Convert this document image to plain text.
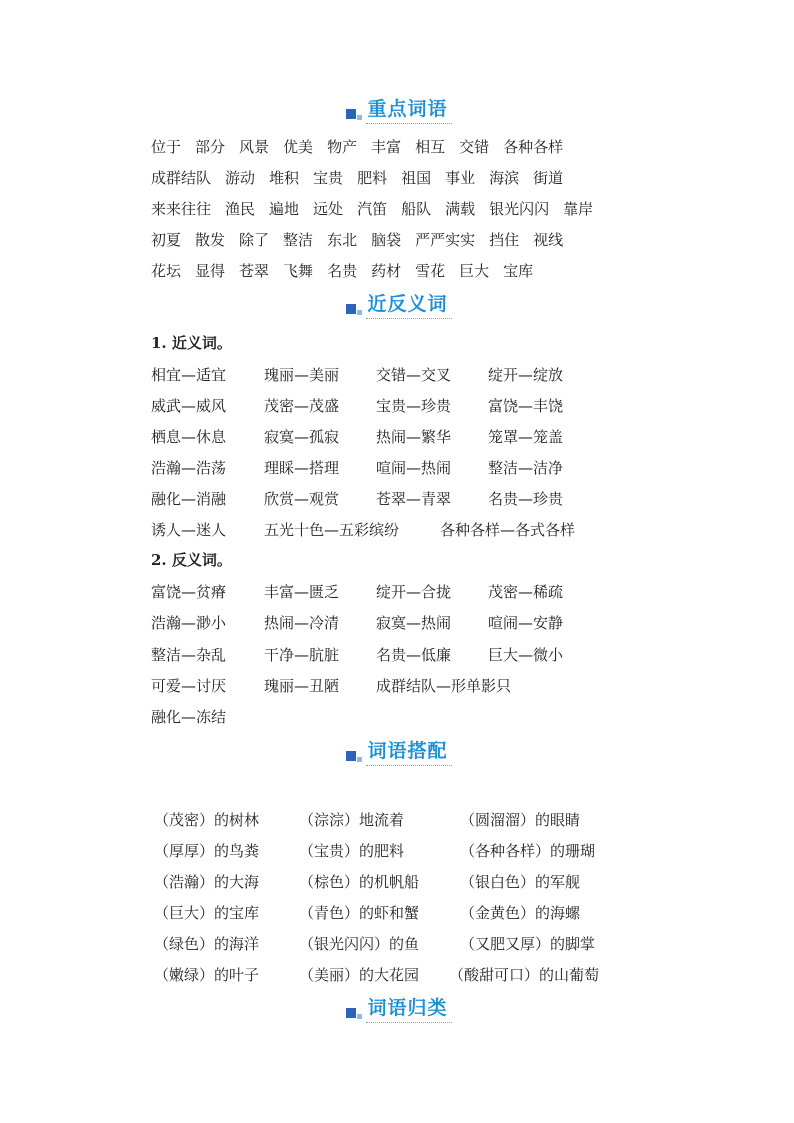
重点词语
位于 部分 风景 优美 物产 丰富 相互 交错 各种各样
成群结队 游动 堆积 宝贵 肥料 祖国 事业 海滨 街道
来来往往 渔民 遍地 远处 汽笛 船队 满载 银光闪闪 靠岸
初夏 散发 除了 整洁 东北 脑袋 严严实实 挡住 视线
花坛 显得 苍翠 飞舞 名贵 药材 雪花 巨大 宝库
近反义词
1. 近义词。
相宜—适宜	瑰丽—美丽 交错—交叉 绽开—绽放
威武—威风	茂密—茂盛 宝贵—珍贵 富饶—丰饶
栖息—休息	寂寞—孤寂 热闹—繁华 笼罩—笼盖
浩瀚—浩荡	理睬—搭理 喧闹—热闹 整洁—洁净
融化—消融	欣赏—观赏 苍翠—青翠 名贵—珍贵
诱人—迷人	五光十色—五彩缤纷	各种各样—各式各样
2. 反义词。
富饶—贫瘠	丰富—匮乏 绽开—合拢 茂密—稀疏
浩瀚—渺小	热闹—冷清 寂寞—热闹 喧闹—安静
整洁—杂乱	干净—肮脏 名贵—低廉 巨大—微小
可爱—讨厌	瑰丽—丑陋 成群结队—形单影只
融化—冻结
词语搭配
（茂密）的树林	（淙淙）地流着	（圆溜溜）的眼睛
（厚厚）的鸟粪	（宝贵）的肥料	（各种各样）的珊瑚
（浩瀚）的大海	（棕色）的机帆船	（银白色）的军舰
（巨大）的宝库	（青色）的虾和蟹	（金黄色）的海螺
（绿色）的海洋	（银光闪闪）的鱼	（又肥又厚）的脚掌
（嫩绿）的叶子	（美丽）的大花园 （酸甜可口）的山葡萄
词语归类
